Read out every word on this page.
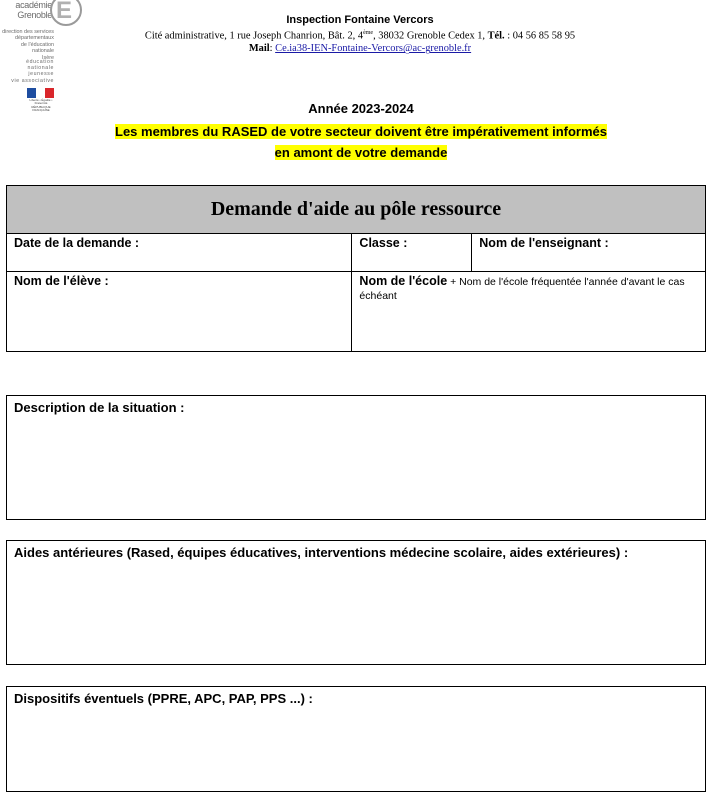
académie
Grenoble E
direction des services
départementaux
de l'éducation nationale
Isère
éducation
nationale
jeunesse
vie associative
Liberté • Égalité • Fraternité RÉPUBLIQUE FRANÇAISE
Inspection Fontaine Vercors
Cité administrative, 1 rue Joseph Chanrion, Bât. 2, 4ème, 38032 Grenoble Cedex 1, Tél. : 04 56 85 58 95
Mail: Ce.ia38-IEN-Fontaine-Vercors@ac-grenoble.fr
Année 2023-2024
Les membres du RASED de votre secteur doivent être impérativement informés
en amont de votre demande
Demande d'aide au pôle ressource		

Date de la demande :	Classe :	Nom de l'enseignant :

Nom de l'élève :	Nom de l'école + Nom de l'école fréquentée l'année d'avant le cas échéant	
Description de la situation :
Aides antérieures (Rased, équipes éducatives, interventions médecine scolaire, aides extérieures) :
Dispositifs éventuels (PPRE, APC, PAP, PPS ...) :
